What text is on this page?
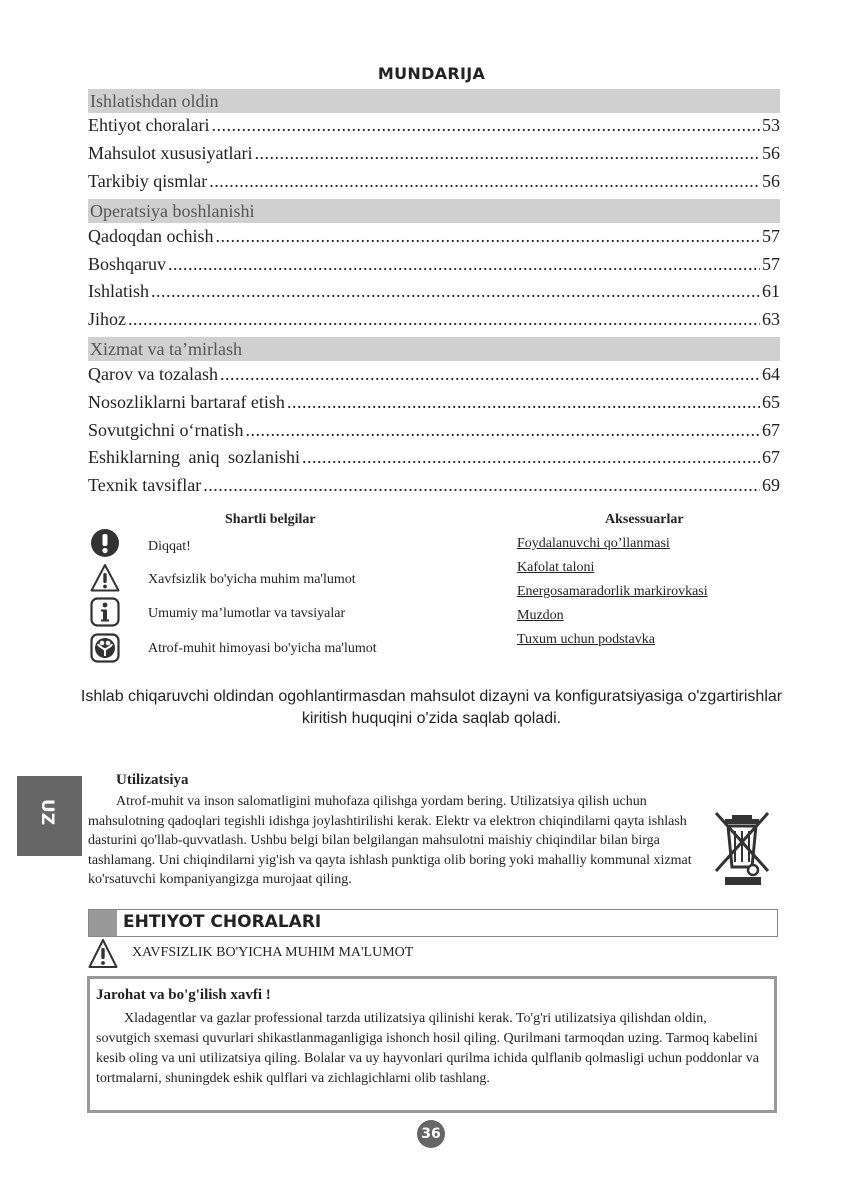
MUNDARIJA
Ishlatishdan oldin
Ehtiyot choralari .....	53
Mahsulot xususiyatlari .....	56
Tarkibiy qismlar .....	56
Operatsiya boshlanishi
Qadoqdan ochish .....	57
Boshqaruv .....	57
Ishlatish .....	61
Jihoz .....	63
Xizmat va ta’mirlash
Qarov va tozalash .....	64
Nosozliklarni bartaraf etish .....	65
Sovutgichni o‘rnatish .....	67
Eshiklarning aniq sozlanishi .....	67
Texnik tavsiflar .....	69
Shartli belgilar
Diqqat!
Xavfsizlik bo'yicha muhim ma'lumot
Umumiy ma’lumotlar va tavsiyalar
Atrof-muhit himoyasi bo'yicha ma'lumot
Aksessuarlar
Foydalanuvchi qo’llanmasi
Kafolat taloni
Energosamaradorlik markirovkasi
Muzdon
Tuxum uchun podstavka
Ishlab chiqaruvchi oldindan ogohlantirmasdan mahsulot dizayni va konfiguratsiyasiga o'zgartirishlar kiritish huquqini o'zida saqlab qoladi.
UZ
Utilizatsiya
Atrof-muhit va inson salomatligini muhofaza qilishga yordam bering. Utilizatsiya qilish uchun mahsulotning qadoqlari tegishli idishga joylashtirilishi kerak. Elektr va elektron chiqindilarni qayta ishlash dasturini qo'llab-quvvatlash. Ushbu belgi bilan belgilangan mahsulotni maishiy chiqindilar bilan birga tashlamang. Uni chiqindilarni yig'ish va qayta ishlash punktiga olib boring yoki mahalliy kommunal xizmat ko'rsatuvchi kompaniyangizga murojaat qiling.
EHTIYOT CHORALARI
XAVFSIZLIK BO'YICHA MUHIM MA'LUMOT
Jarohat va bo'g'ilish xavfi !
Xladagentlar va gazlar professional tarzda utilizatsiya qilinishi kerak. To'g'ri utilizatsiya qilishdan oldin, sovutgich sxemasi quvurlari shikastlanmaganligiga ishonch hosil qiling. Qurilmani tarmoqdan uzing. Tarmoq kabelini kesib oling va uni utilizatsiya qiling. Bolalar va uy hayvonlari qurilma ichida qulflanib qolmasligi uchun poddonlar va tortmalarni, shuningdek eshik qulflari va zichlagichlarni olib tashlang.
36
